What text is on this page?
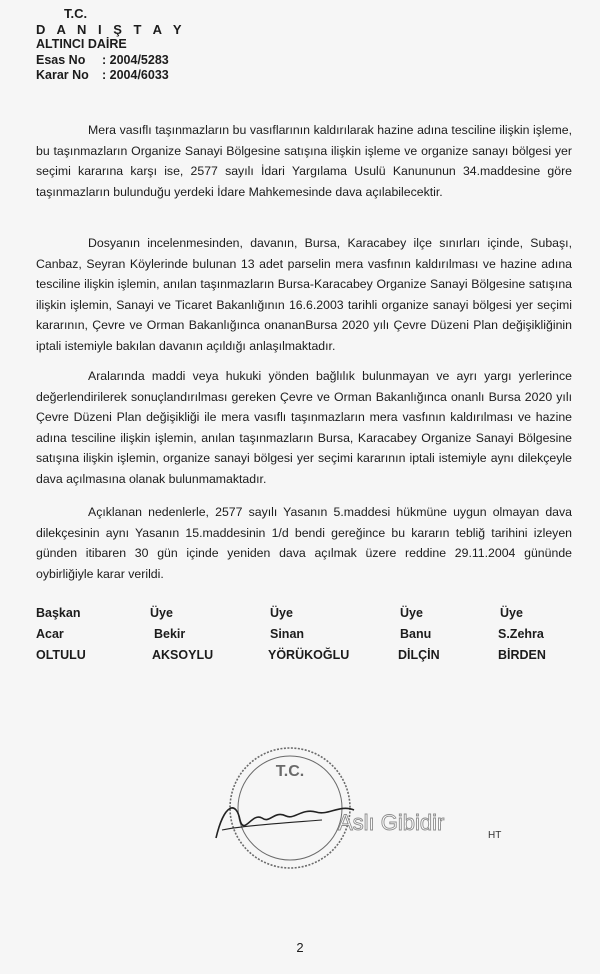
T.C.
D A N I Ş T A Y
ALTINCI DAİRE
Esas No	: 2004/5283
Karar No	: 2004/6033

Mera vasıflı taşınmazların bu vasıflarının kaldırılarak hazine adına tesciline ilişkin işleme, bu taşınmazların Organize Sanayi Bölgesine satışına ilişkin işleme ve organize sanayı bölgesi yer seçimi kararına karşı ise, 2577 sayılı İdari Yargılama Usulü Kanununun 34.maddesine göre taşınmazların bulunduğu yerdeki İdare Mahkemesinde dava açılabilecektir.

Dosyanın incelenmesinden, davanın, Bursa, Karacabey ilçe sınırları içinde, Subaşı, Canbaz, Seyran Köylerinde bulunan 13 adet parselin mera vasfının kaldırılması ve hazine adına tesciline ilişkin işlemin, anılan taşınmazların Bursa-Karacabey Organize Sanayi Bölgesine satışına ilişkin işlemin, Sanayi ve Ticaret Bakanlığının 16.6.2003 tarihli organize sanayi bölgesi yer seçimi kararının, Çevre ve Orman Bakanlığınca onananBursa 2020 yılı Çevre Düzeni Plan değişikliğinin iptali istemiyle bakılan davanın açıldığı anlaşılmaktadır.

Aralarında maddi veya hukuki yönden bağlılık bulunmayan ve ayrı yargı yerlerince değerlendirilerek sonuçlandırılması gereken Çevre ve Orman Bakanlığınca onanlı Bursa 2020 yılı Çevre Düzeni Plan değişikliği ile mera vasıflı taşınmazların mera vasfının kaldırılması ve hazine adına tesciline ilişkin işlemin, anılan taşınmazların Bursa, Karacabey Organize Sanayi Bölgesine satışına ilişkin işlemin, organize sanayi bölgesi yer seçimi kararının iptali istemiyle aynı dilekçeyle dava açılmasına olanak bulunmamaktadır.

Açıklanan nedenlerle, 2577 sayılı Yasanın 5.maddesi hükmüne uygun olmayan dava dilekçesinin aynı Yasanın 15.maddesinin 1/d bendi gereğince bu kararın tebliğ tarihini izleyen günden itibaren 30 gün içinde yeniden dava açılmak üzere reddine 29.11.2004 gününde oybirliğiyle karar verildi.

Başkan	Üye	Üye	Üye	Üye
Acar	Bekir	Sinan	Banu	S.Zehra
OLTULU	AKSOYLU	YÖRÜKOĞLU	DİLÇİN	BİRDEN
T.C.
Aslı Gibidir
HT
2
